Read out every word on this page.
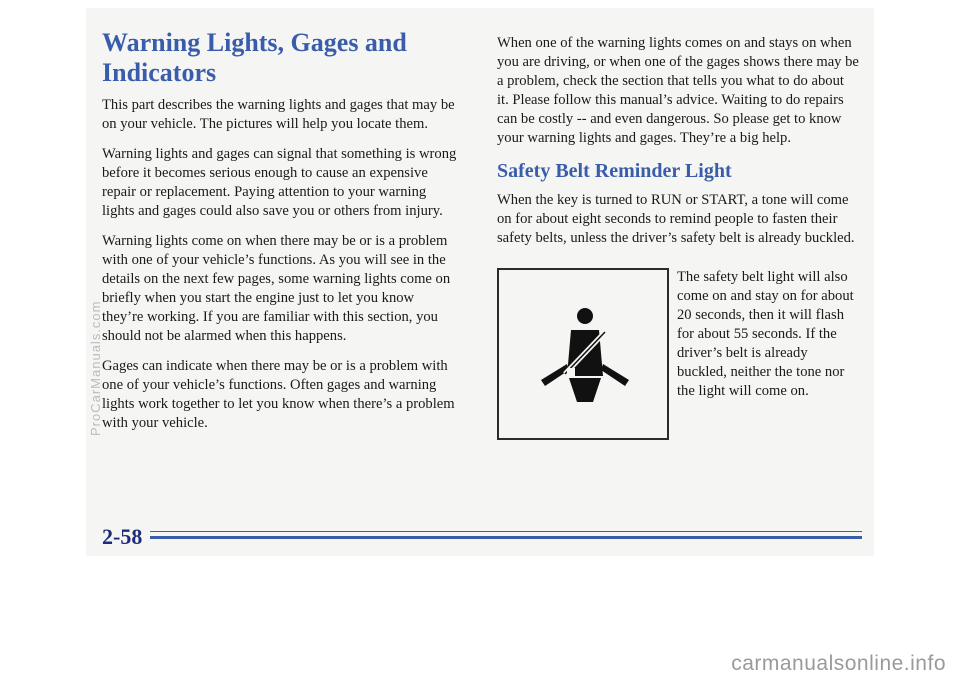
Warning Lights, Gages and Indicators

This part describes the warning lights and gages that may be on your vehicle. The pictures will help you locate them.

Warning lights and gages can signal that something is wrong before it becomes serious enough to cause an expensive repair or replacement. Paying attention to your warning lights and gages could also save you or others from injury.

Warning lights come on when there may be or is a problem with one of your vehicle’s functions. As you will see in the details on the next few pages, some warning lights come on briefly when you start the engine just to let you know they’re working. If you are familiar with this section, you should not be alarmed when this happens.

Gages can indicate when there may be or is a problem with one of your vehicle’s functions. Often gages and warning lights work together to let you know when there’s a problem with your vehicle.

When one of the warning lights comes on and stays on when you are driving, or when one of the gages shows there may be a problem, check the section that tells you what to do about it. Please follow this manual’s advice. Waiting to do repairs can be costly -- and even dangerous. So please get to know your warning lights and gages. They’re a big help.

Safety Belt Reminder Light

When the key is turned to RUN or START, a tone will come on for about eight seconds to remind people to fasten their safety belts, unless the driver’s safety belt is already buckled.

The safety belt light will also come on and stay on for about 20 seconds, then it will flash for about 55 seconds. If the driver’s belt is already buckled, neither the tone nor the light will come on.

2-58
ProCarManuals.com
carmanualsonline.info
